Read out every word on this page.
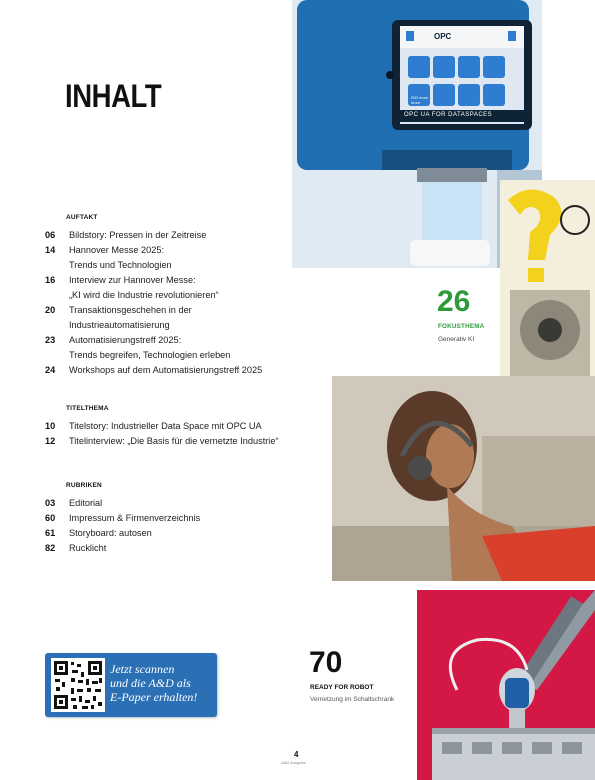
INHALT
AUFTAKT
06	Bildstory: Pressen in der Zeitreise
14	Hannover Messe 2025:
Trends und Technologien
16	Interview zur Hannover Messe:
„KI wird die Industrie revolutionieren“
20	Transaktionsgeschehen in der
Industrieautomatisierung
23	Automatisierungstreff 2025:
Trends begreifen, Technologien erleben
24	Workshops auf dem Automatisierungstreff 2025
TITELTHEMA
10	Titelstory: Industrieller Data Space mit OPC UA
12	Titelinterview: „Die Basis für die vernetzte Industrie“
RUBRIKEN
03	Editorial
60	Impressum & Firmenverzeichnis
61	Storyboard: autosen
82	Rucklicht
OPC
ISO more more
OPC UA FOR DATASPACES
26
FOKUSTHEMA
Generativ KI
70
READY FOR ROBOT
Vernetzung im Schaltschrank
Jetzt scannen
und die A&D als
E-Paper erhalten!
4
A&D Ausgabe
